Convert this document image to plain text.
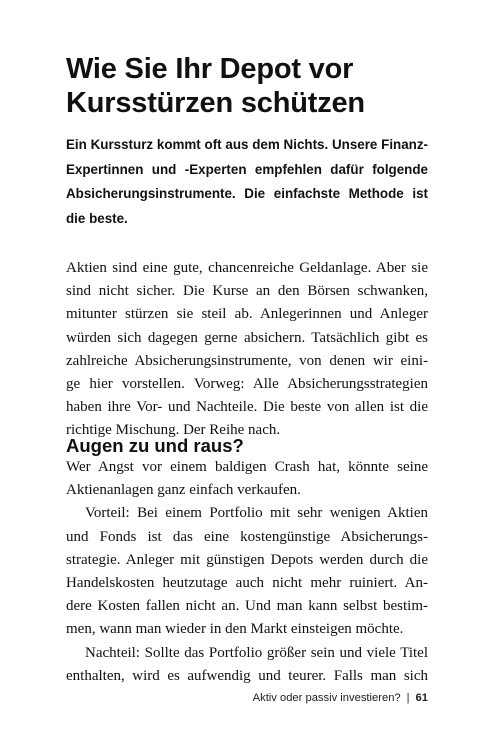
Wie Sie Ihr Depot vor
Kursstürzen schützen
Ein Kurssturz kommt oft aus dem Nichts. Unsere Finanz-
Expertinnen und -Experten empfehlen dafür folgende
Absicherungsinstrumente. Die einfachste Methode ist
die beste.
Aktien sind eine gute, chancenreiche Geldanlage. Aber sie
sind nicht sicher. Die Kurse an den Börsen schwanken,
mitunter stürzen sie steil ab. Anlegerinnen und Anleger
würden sich dagegen gerne absichern. Tatsächlich gibt es
zahlreiche Absicherungsinstrumente, von denen wir eini-
ge hier vorstellen. Vorweg: Alle Absicherungsstrategien
haben ihre Vor- und Nachteile. Die beste von allen ist die
richtige Mischung. Der Reihe nach.
Augen zu und raus?
Wer Angst vor einem baldigen Crash hat, könnte seine
Aktienanlagen ganz einfach verkaufen.
Vorteil: Bei einem Portfolio mit sehr wenigen Aktien
und Fonds ist das eine kostengünstige Absicherungs-
strategie. Anleger mit günstigen Depots werden durch die
Handelskosten heutzutage auch nicht mehr ruiniert. An-
dere Kosten fallen nicht an. Und man kann selbst bestim-
men, wann man wieder in den Markt einsteigen möchte.
Nachteil: Sollte das Portfolio größer sein und viele Titel
enthalten, wird es aufwendig und teurer. Falls man sich
Aktiv oder passiv investieren? | 61
